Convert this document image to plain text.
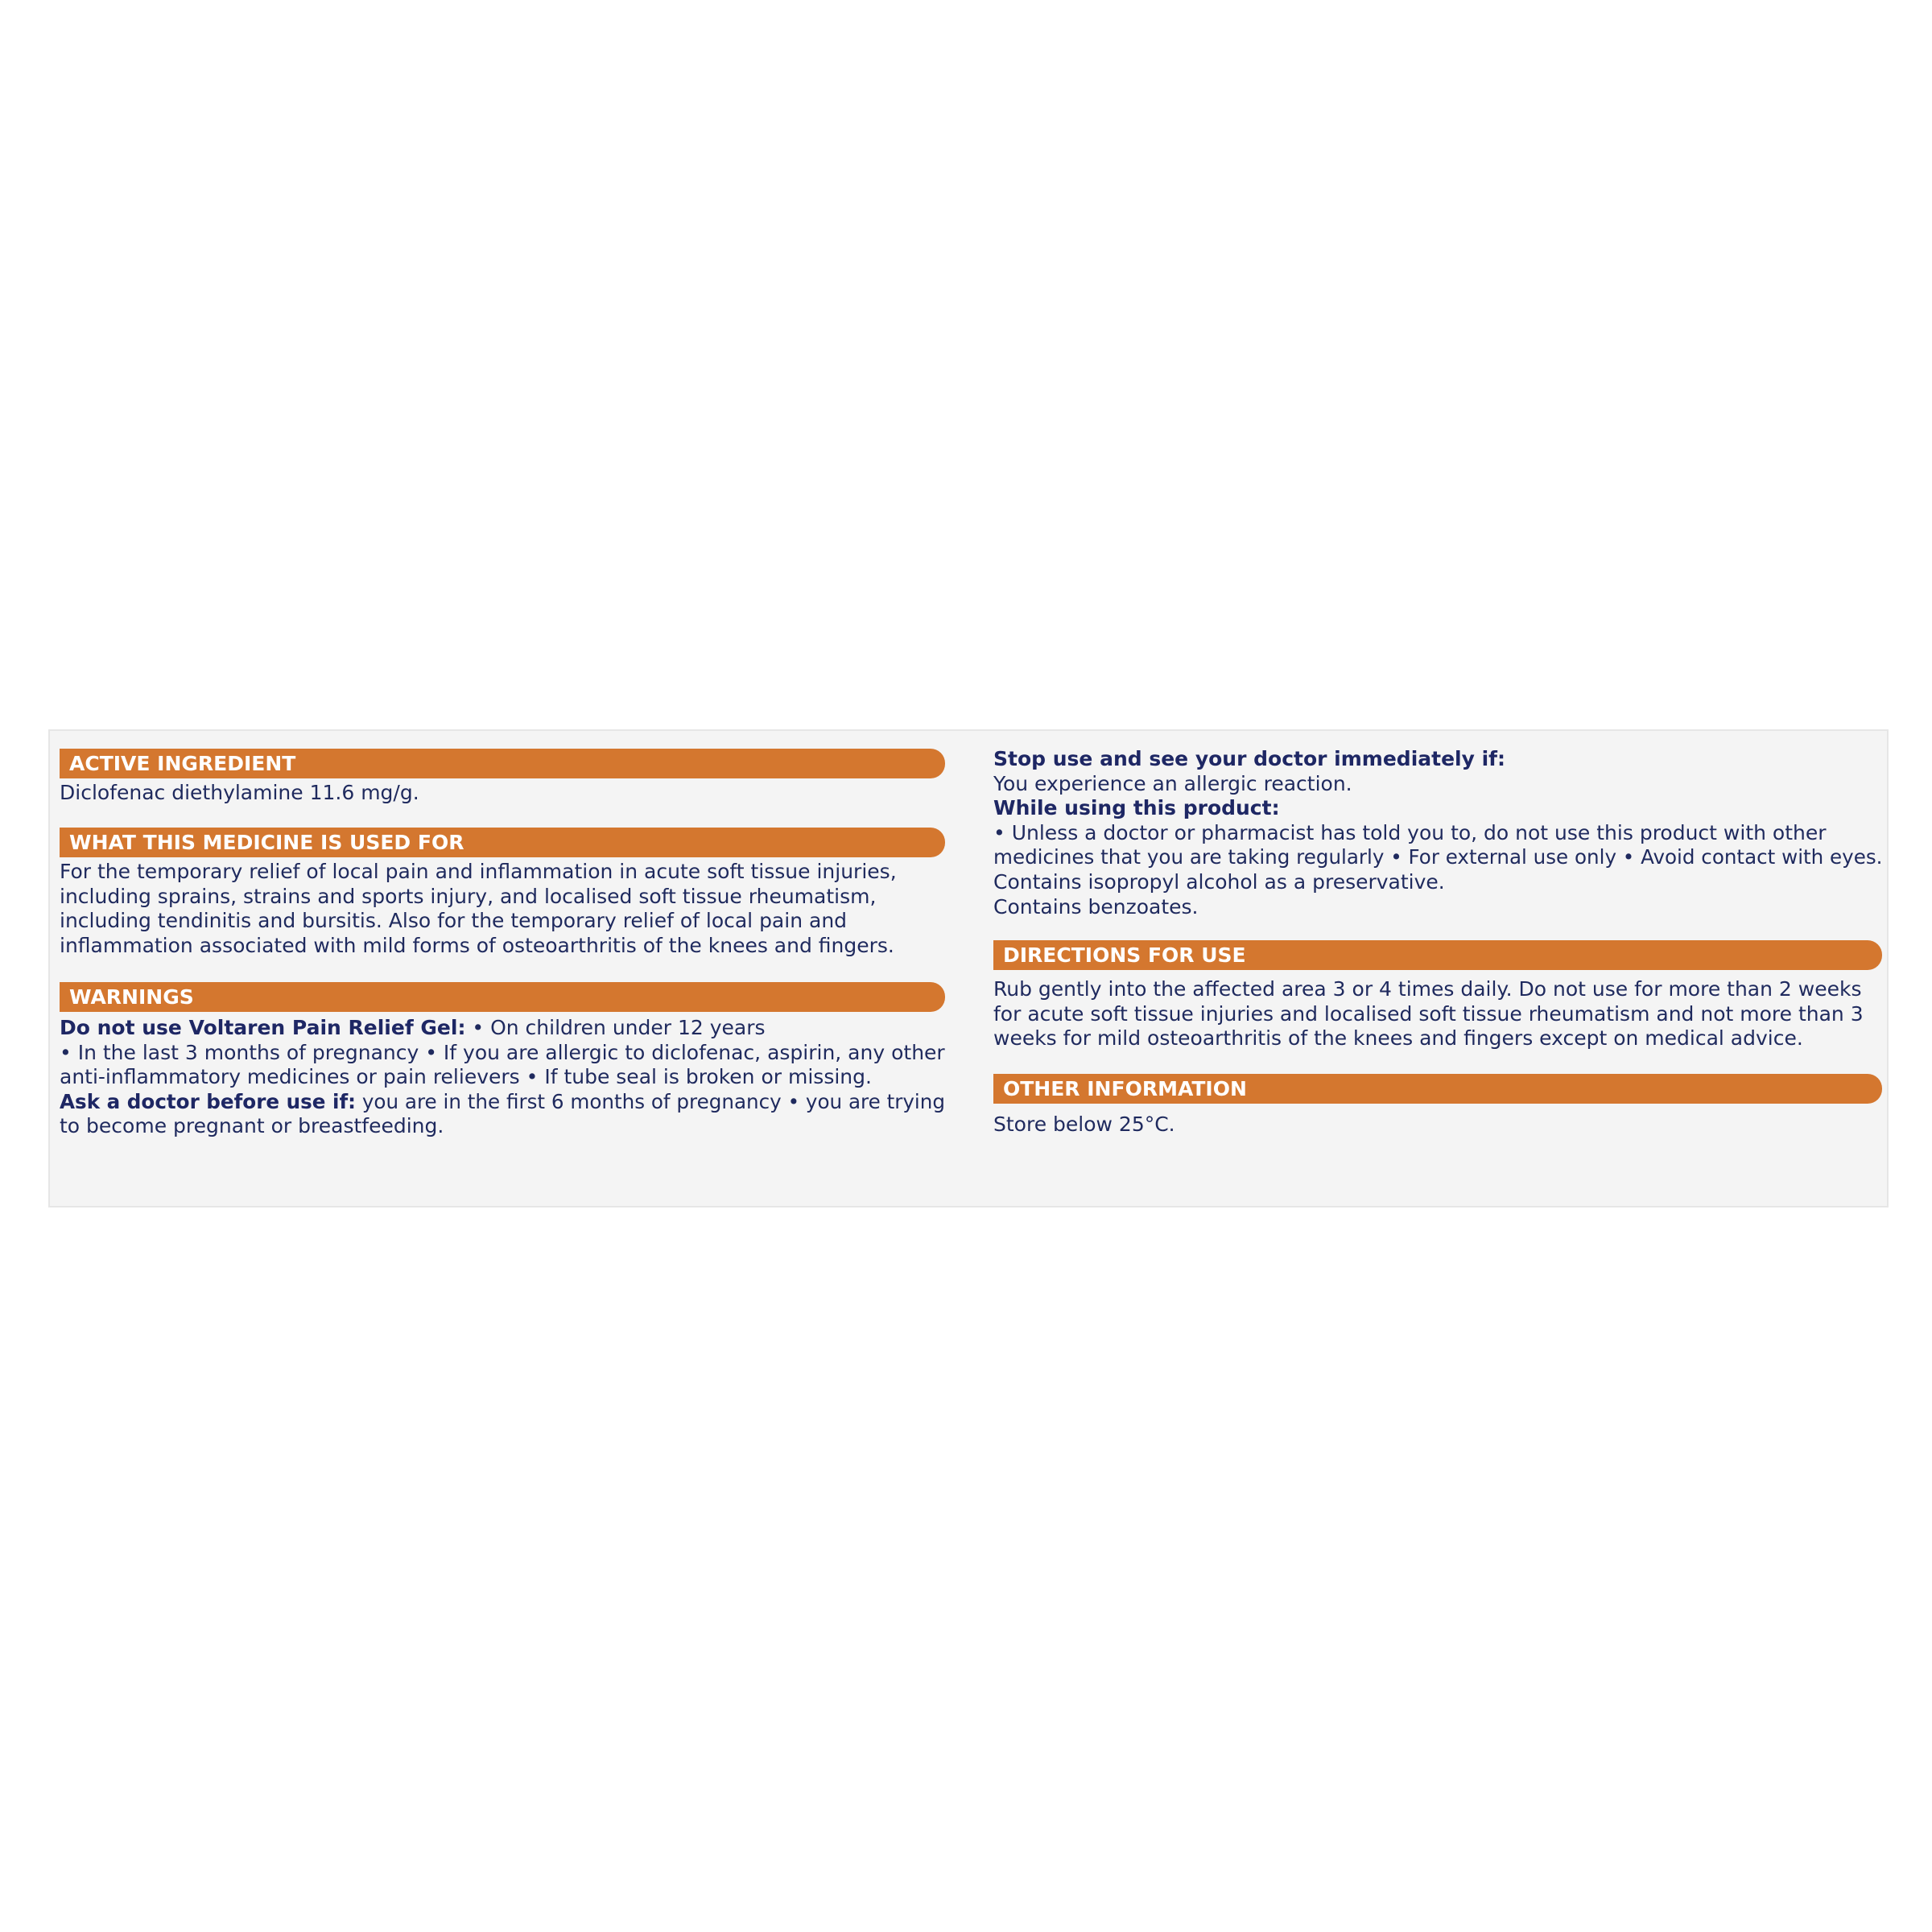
ACTIVE INGREDIENT

Diclofenac diethylamine 11.6 mg/g.

WHAT THIS MEDICINE IS USED FOR

For the temporary relief of local pain and inflammation in acute soft tissue injuries,
including sprains, strains and sports injury, and localised soft tissue rheumatism,
including tendinitis and bursitis. Also for the temporary relief of local pain and
inflammation associated with mild forms of osteoarthritis of the knees and fingers.

WARNINGS

Do not use Voltaren Pain Relief Gel: • On children under 12 years
• In the last 3 months of pregnancy • If you are allergic to diclofenac, aspirin, any other
anti-inflammatory medicines or pain relievers • If tube seal is broken or missing.
Ask a doctor before use if: you are in the first 6 months of pregnancy • you are trying
to become pregnant or breastfeeding.

Stop use and see your doctor immediately if:
You experience an allergic reaction.
While using this product:
• Unless a doctor or pharmacist has told you to, do not use this product with other
medicines that you are taking regularly • For external use only • Avoid contact with eyes.
Contains isopropyl alcohol as a preservative.
Contains benzoates.

DIRECTIONS FOR USE

Rub gently into the affected area 3 or 4 times daily. Do not use for more than 2 weeks
for acute soft tissue injuries and localised soft tissue rheumatism and not more than 3
weeks for mild osteoarthritis of the knees and fingers except on medical advice.

OTHER INFORMATION

Store below 25°C.
